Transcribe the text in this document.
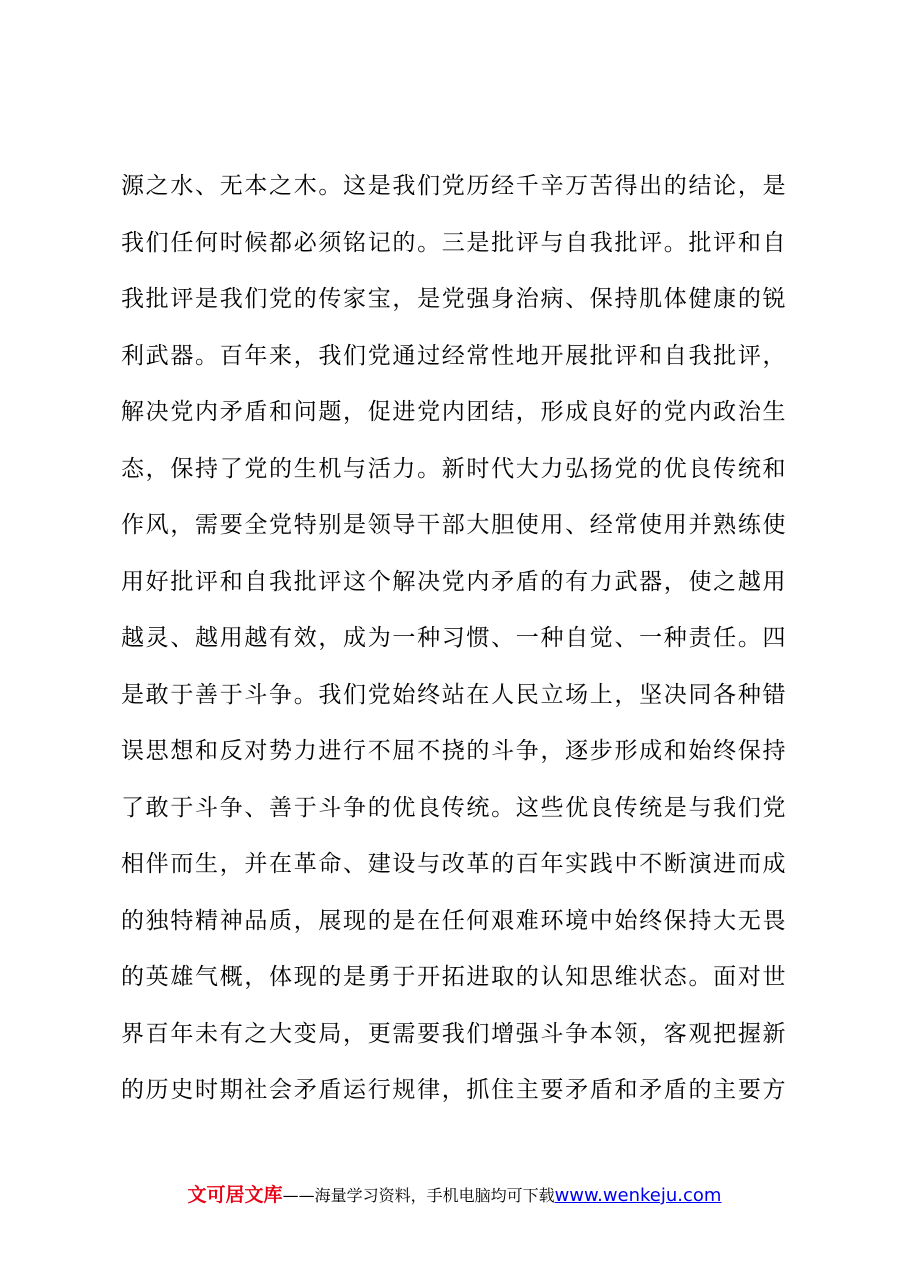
源之水、无本之木。这是我们党历经千辛万苦得出的结论，是
我们任何时候都必须铭记的。三是批评与自我批评。批评和自
我批评是我们党的传家宝，是党强身治病、保持肌体健康的锐
利武器。百年来，我们党通过经常性地开展批评和自我批评，
解决党内矛盾和问题，促进党内团结，形成良好的党内政治生
态，保持了党的生机与活力。新时代大力弘扬党的优良传统和
作风，需要全党特别是领导干部大胆使用、经常使用并熟练使
用好批评和自我批评这个解决党内矛盾的有力武器，使之越用
越灵、越用越有效，成为一种习惯、一种自觉、一种责任。四
是敢于善于斗争。我们党始终站在人民立场上，坚决同各种错
误思想和反对势力进行不屈不挠的斗争，逐步形成和始终保持
了敢于斗争、善于斗争的优良传统。这些优良传统是与我们党
相伴而生，并在革命、建设与改革的百年实践中不断演进而成
的独特精神品质，展现的是在任何艰难环境中始终保持大无畏
的英雄气概，体现的是勇于开拓进取的认知思维状态。面对世
界百年未有之大变局，更需要我们增强斗争本领，客观把握新
的历史时期社会矛盾运行规律，抓住主要矛盾和矛盾的主要方
文可居文库——海量学习资料，手机电脑均可下载www.wenkeju.com
